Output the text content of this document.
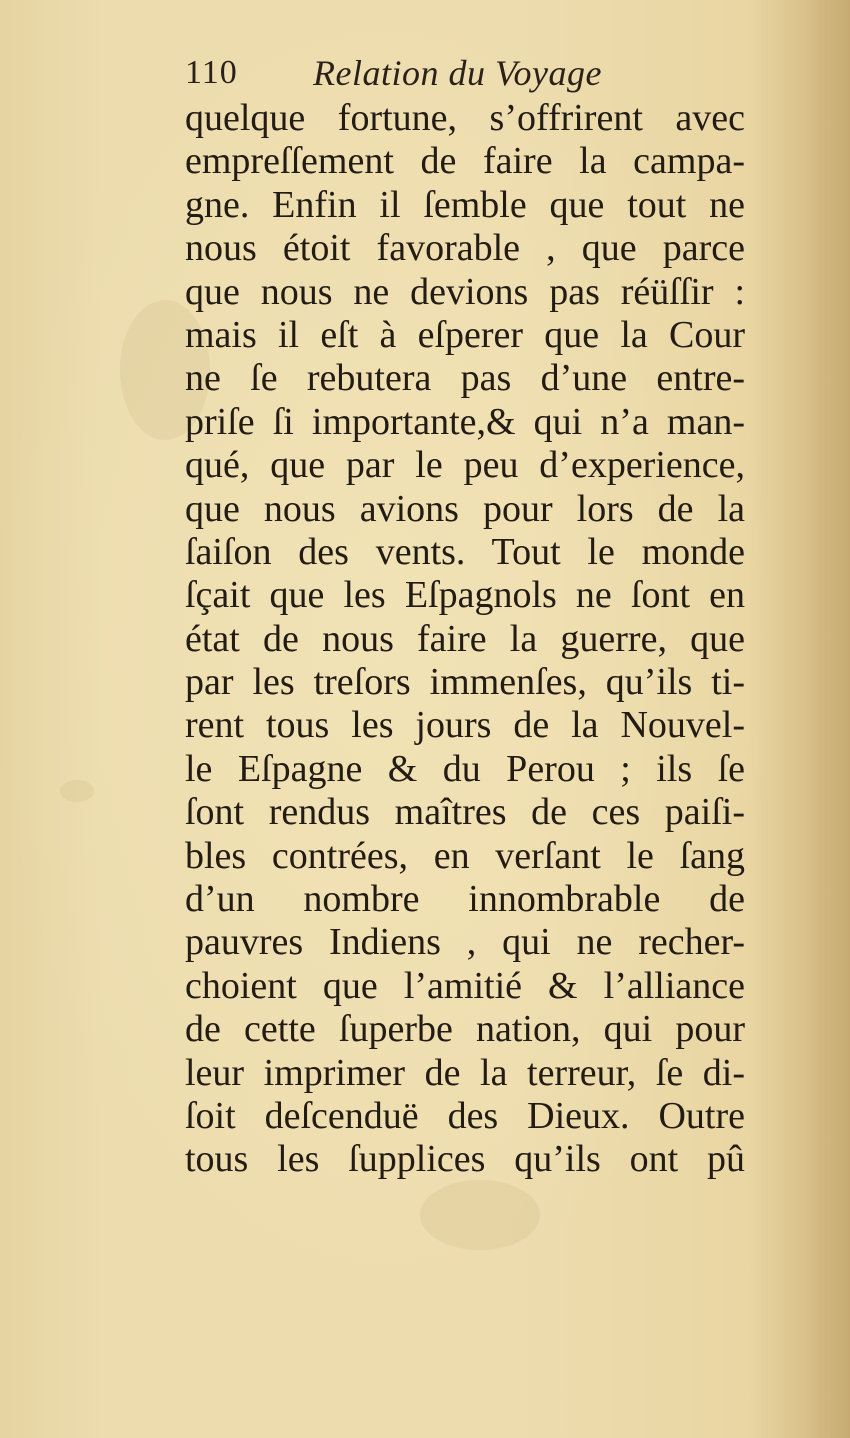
110 Relation du Voyage
quelque fortune, s’offrirent avec
empreſſement de faire la campa-
gne. Enfin il ſemble que tout ne
nous étoit favorable , que parce
que nous ne devions pas réüſſir :
mais il eſt à eſperer que la Cour
ne ſe rebutera pas d’une entre-
priſe ſi importante,& qui n’a man-
qué, que par le peu d’experience,
que nous avions pour lors de la
ſaiſon des vents. Tout le monde
ſçait que les Eſpagnols ne ſont en
état de nous faire la guerre, que
par les treſors immenſes, qu’ils ti-
rent tous les jours de la Nouvel-
le Eſpagne & du Perou ; ils ſe
ſont rendus maîtres de ces paiſi-
bles contrées, en verſant le ſang
d’un nombre innombrable de
pauvres Indiens , qui ne recher-
choient que l’amitié & l’alliance
de cette ſuperbe nation, qui pour
leur imprimer de la terreur, ſe di-
ſoit deſcenduë des Dieux. Outre
tous les ſupplices qu’ils ont pû
